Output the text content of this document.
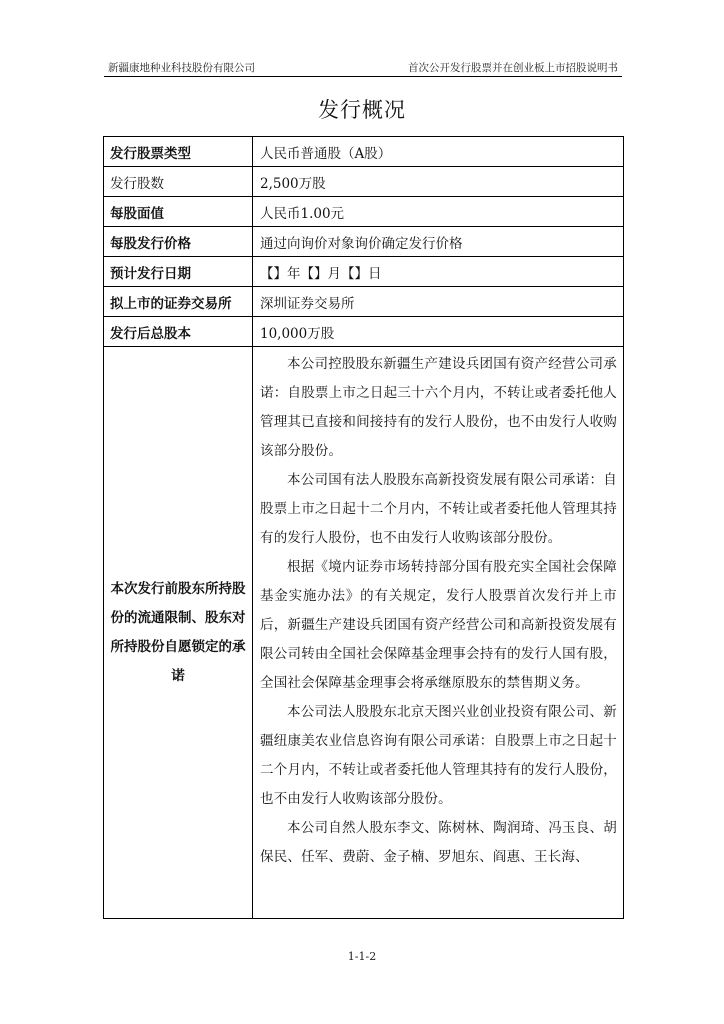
新疆康地种业科技股份有限公司	首次公开发行股票并在创业板上市招股说明书
发行概况
发行股票类型	人民币普通股（A股）
发行股数	2,500万股
每股面值	人民币1.00元
每股发行价格	通过向询价对象询价确定发行价格
预计发行日期	【】年【】月【】日
拟上市的证券交易所	深圳证券交易所
发行后总股本	10,000万股
本次发行前股东所持股份的流通限制、股东对所持股份自愿锁定的承诺	本公司控股股东新疆生产建设兵团国有资产经营公司承诺：自股票上市之日起三十六个月内，不转让或者委托他人管理其已直接和间接持有的发行人股份，也不由发行人收购该部分股份。

本公司国有法人股股东高新投资发展有限公司承诺：自股票上市之日起十二个月内，不转让或者委托他人管理其持有的发行人股份，也不由发行人收购该部分股份。

根据《境内证券市场转持部分国有股充实全国社会保障基金实施办法》的有关规定，发行人股票首次发行并上市后，新疆生产建设兵团国有资产经营公司和高新投资发展有限公司转由全国社会保障基金理事会持有的发行人国有股，全国社会保障基金理事会将承继原股东的禁售期义务。

本公司法人股股东北京天图兴业创业投资有限公司、新疆纽康美农业信息咨询有限公司承诺：自股票上市之日起十二个月内，不转让或者委托他人管理其持有的发行人股份，也不由发行人收购该部分股份。

本公司自然人股东李文、陈树林、陶润琦、冯玉良、胡保民、任军、费蔚、金子楠、罗旭东、阎惠、王长海、

1-1-2
